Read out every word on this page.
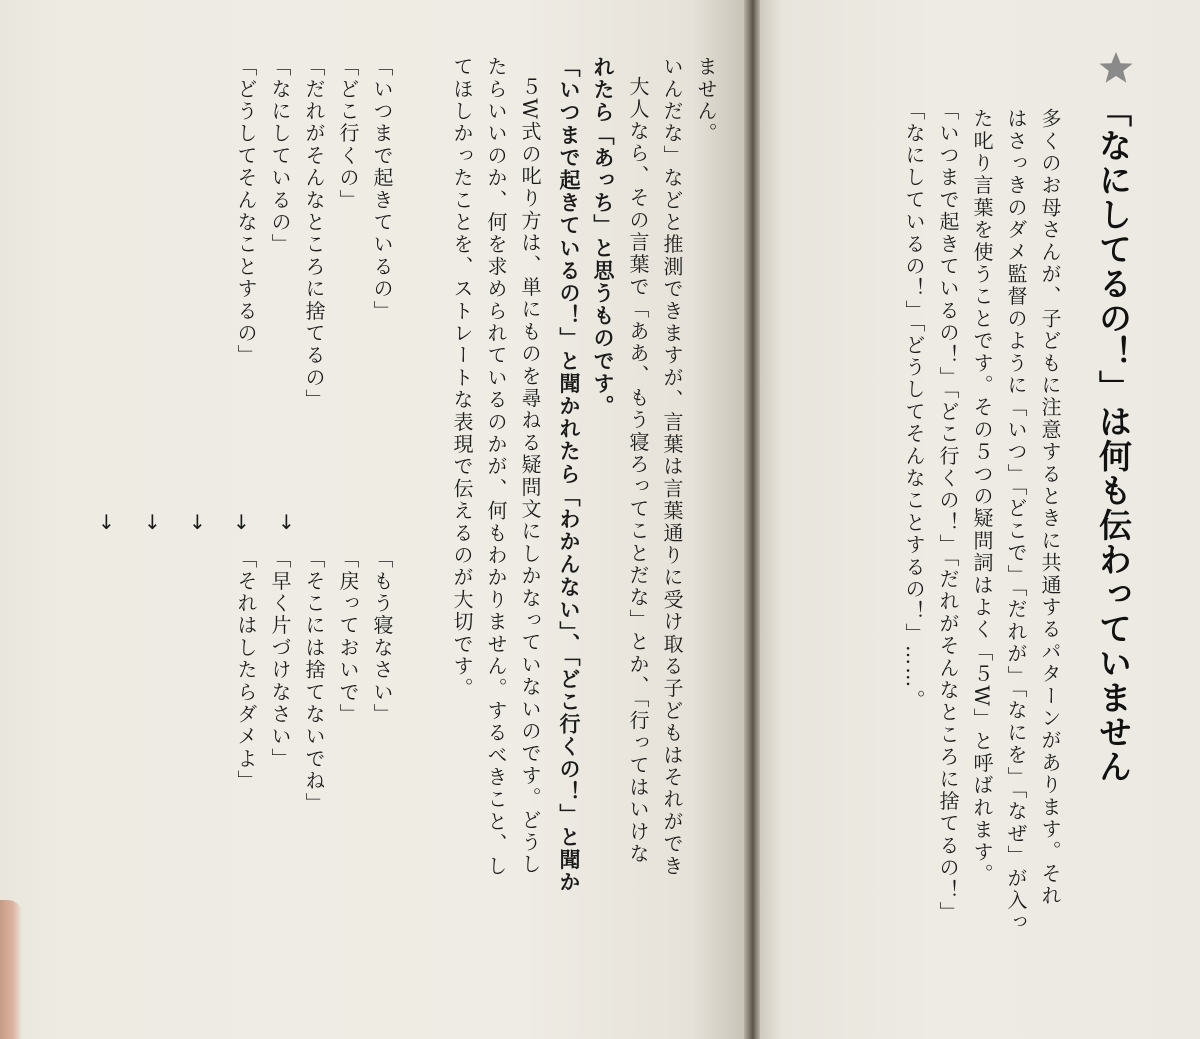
「なにしてるの！」は何も伝わっていません
多くのお母さんが、子どもに注意するときに共通するパターンがあります。それ
はさっきのダメ監督のように「いつ」「どこで」「だれが」「なにを」「なぜ」が入っ
た叱り言葉を使うことです。その５つの疑問詞はよく「５W」と呼ばれます。
「いつまで起きているの！」「どこ行くの！」「だれがそんなところに捨てるの！」
「なにしているの！」「どうしてそんなことするの！」……。
ません。
いんだな」などと推測できますが、言葉は言葉通りに受け取る子どもはそれができ
大人なら、その言葉で「ああ、もう寝ろってことだな」とか、「行ってはいけな
れたら「あっち」と思うものです。
「いつまで起きているの！」と聞かれたら「わかんない」、「どこ行くの！」と聞か
５W式の叱り方は、単にものを尋ねる疑問文にしかなっていないのです。どうし
たらいいのか、何を求められているのかが、何もわかりません。するべきこと、し
てほしかったことを、ストレートな表現で伝えるのが大切です。
「いつまで起きているの」
「どこ行くの」
「だれがそんなところに捨てるの」
「なにしているの」
「どうしてそんなことするの」
↓
↓
↓
↓
↓
「もう寝なさい」
「戻っておいで」
「そこには捨てないでね」
「早く片づけなさい」
「それはしたらダメよ」
